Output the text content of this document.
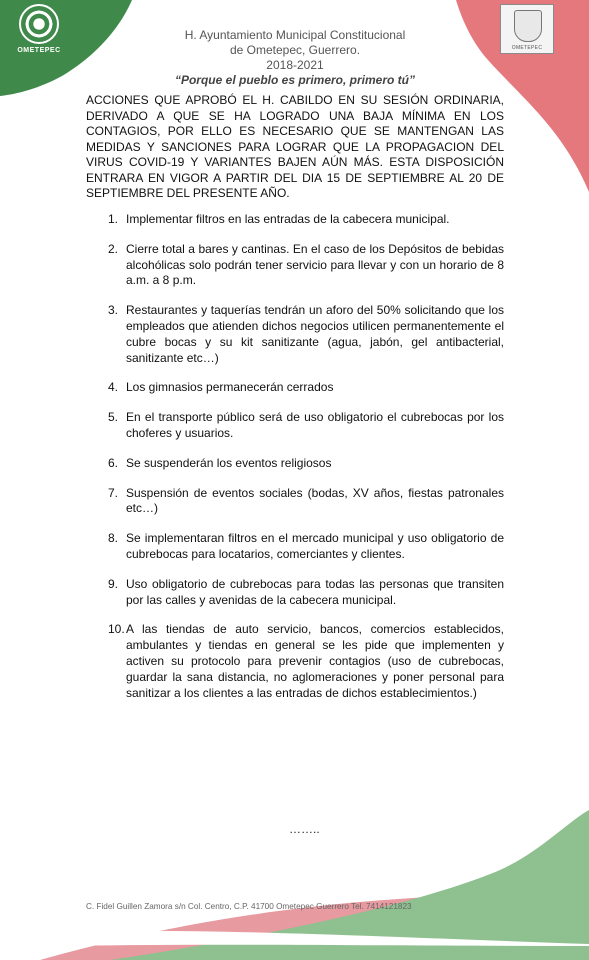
OMETEPEC	OMETEPEC
H. Ayuntamiento Municipal Constitucional
de Ometepec, Guerrero.
2018-2021
“Porque el pueblo es primero, primero tú”
ACCIONES QUE APROBÓ EL H. CABILDO EN SU SESIÓN ORDINARIA, DERIVADO A QUE SE HA LOGRADO UNA BAJA MÍNIMA EN LOS CONTAGIOS, POR ELLO ES NECESARIO QUE SE MANTENGAN LAS MEDIDAS Y SANCIONES PARA LOGRAR QUE LA PROPAGACION DEL VIRUS COVID-19 Y VARIANTES BAJEN AÚN MÁS. ESTA DISPOSICIÓN ENTRARA EN VIGOR A PARTIR DEL DIA 15 DE SEPTIEMBRE AL 20 DE SEPTIEMBRE DEL PRESENTE AÑO.
1. Implementar filtros en las entradas de la cabecera municipal.
2. Cierre total a bares y cantinas. En el caso de los Depósitos de bebidas alcohólicas solo podrán tener servicio para llevar y con un horario de 8 a.m. a 8 p.m.
3. Restaurantes y taquerías tendrán un aforo del 50% solicitando que los empleados que atienden dichos negocios utilicen permanentemente el cubre bocas y su kit sanitizante (agua, jabón, gel antibacterial, sanitizante etc…)
4. Los gimnasios permanecerán cerrados
5. En el transporte público será de uso obligatorio el cubrebocas por los choferes y usuarios.
6. Se suspenderán los eventos religiosos
7. Suspensión de eventos sociales (bodas, XV años, fiestas patronales etc…)
8. Se implementaran filtros en el mercado municipal y uso obligatorio de cubrebocas para locatarios, comerciantes y clientes.
9. Uso obligatorio de cubrebocas para todas las personas que transiten por las calles y avenidas de la cabecera municipal.
10. A las tiendas de auto servicio, bancos, comercios establecidos, ambulantes y tiendas en general se les pide que implementen y activen su protocolo para prevenir contagios (uso de cubrebocas, guardar la sana distancia, no aglomeraciones y poner personal para sanitizar a los clientes a las entradas de dichos establecimientos.)
……..
C. Fidel Guillen Zamora s/n Col. Centro, C.P. 41700 Ometepec Guerrero Tel. 7414121823
